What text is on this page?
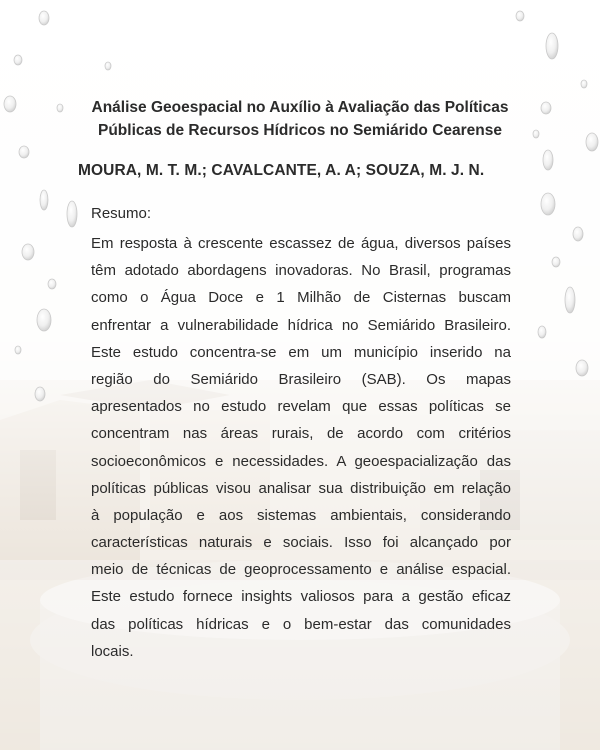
Análise Geoespacial no Auxílio à Avaliação das Políticas
Públicas de Recursos Hídricos no Semiárido Cearense

MOURA, M. T. M.; CAVALCANTE, A. A; SOUZA, M. J. N.

Resumo:

Em resposta à crescente escassez de água, diversos países
têm adotado abordagens inovadoras. No Brasil, programas
como o Água Doce e 1 Milhão de Cisternas buscam
enfrentar a vulnerabilidade hídrica no Semiárido Brasileiro.
Este estudo concentra-se em um município inserido na
região do Semiárido Brasileiro (SAB). Os mapas
apresentados no estudo revelam que essas políticas se
concentram nas áreas rurais, de acordo com critérios
socioeconômicos e necessidades. A geoespacialização das
políticas públicas visou analisar sua distribuição em relação
à população e aos sistemas ambientais, considerando
características naturais e sociais. Isso foi alcançado por
meio de técnicas de geoprocessamento e análise espacial.
Este estudo fornece insights valiosos para a gestão eficaz
das políticas hídricas e o bem-estar das comunidades
locais.
